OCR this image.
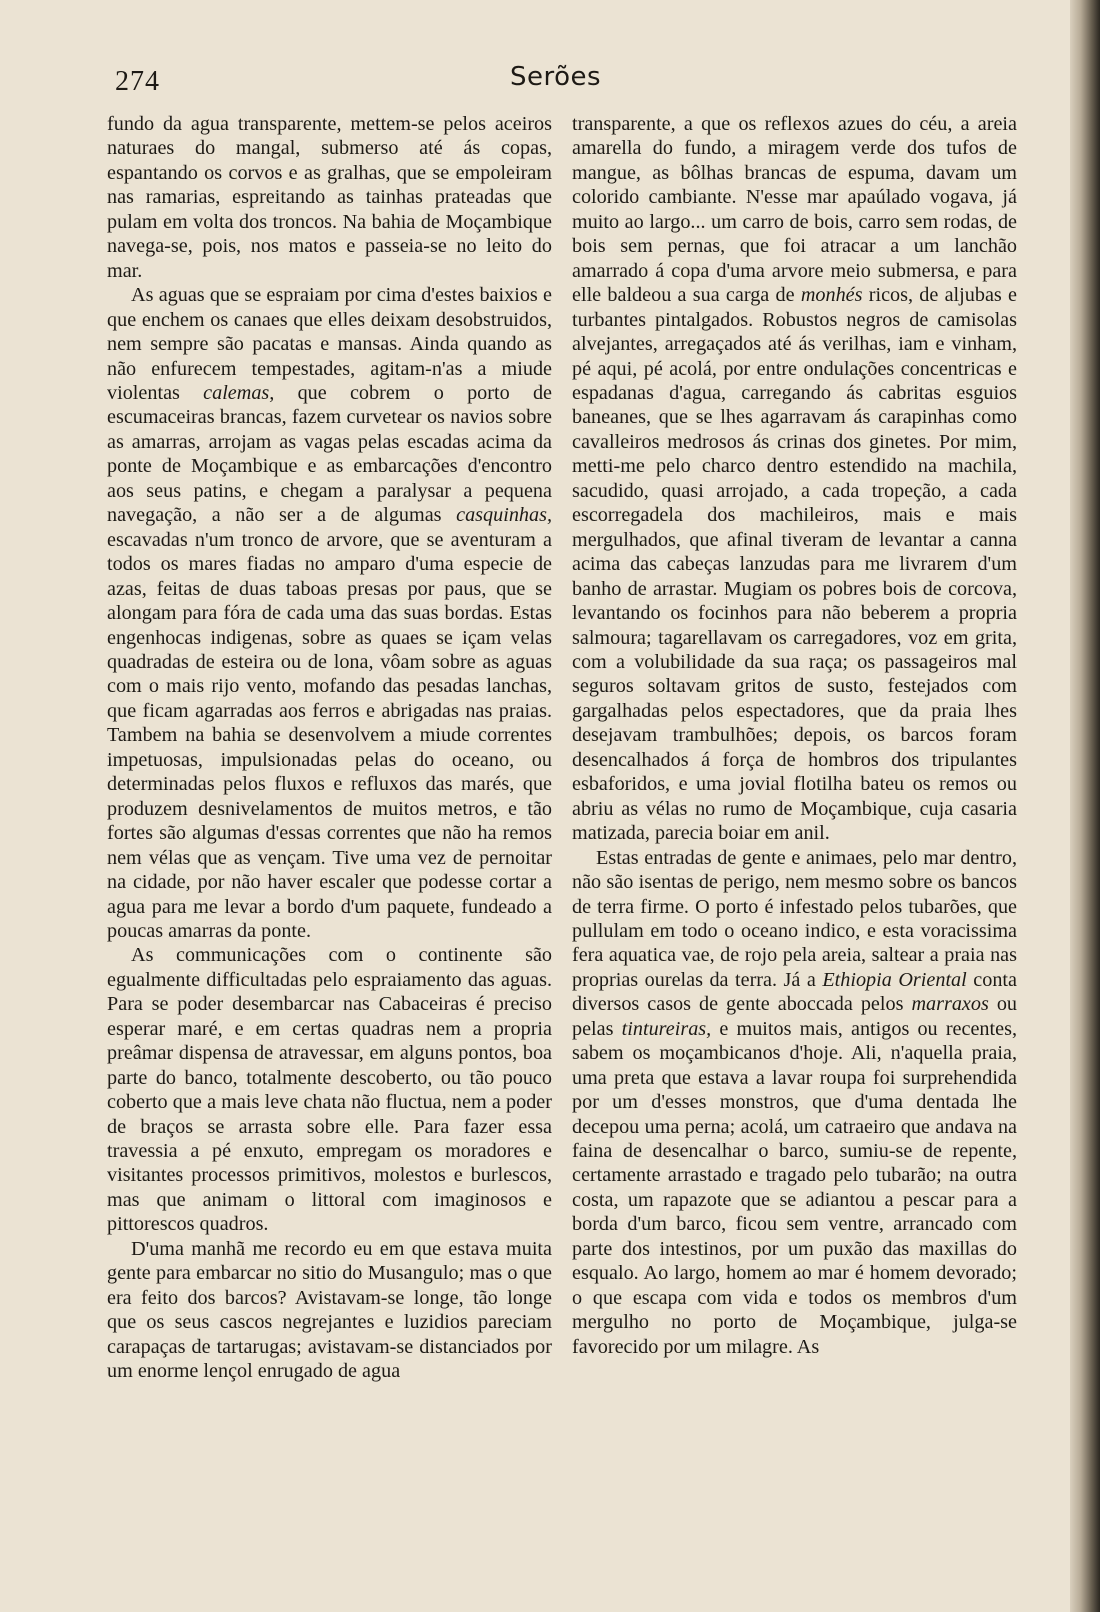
274	Serões

fundo da agua transparente, mettem-se pelos aceiros naturaes do mangal, submerso até ás copas, espantando os corvos e as gralhas, que se empoleiram nas ramarias, espreitando as tainhas prateadas que pulam em volta dos troncos. Na bahia de Moçambique navega-se, pois, nos matos e passeia-se no leito do mar.

As aguas que se espraiam por cima d'estes baixios e que enchem os canaes que elles deixam desobstruidos, nem sempre são pacatas e mansas. Ainda quando as não enfurecem tempestades, agitam-n'as a miude violentas calemas, que cobrem o porto de escumaceiras brancas, fazem curvetear os navios sobre as amarras, arrojam as vagas pelas escadas acima da ponte de Moçambique e as embarcações d'encontro aos seus patins, e chegam a paralysar a pequena navegação, a não ser a de algumas casquinhas, escavadas n'um tronco de arvore, que se aventuram a todos os mares fiadas no amparo d'uma especie de azas, feitas de duas taboas presas por paus, que se alongam para fóra de cada uma das suas bordas. Estas engenhocas indigenas, sobre as quaes se içam velas quadradas de esteira ou de lona, vôam sobre as aguas com o mais rijo vento, mofando das pesadas lanchas, que ficam agarradas aos ferros e abrigadas nas praias. Tambem na bahia se desenvolvem a miude correntes impetuosas, impulsionadas pelas do oceano, ou determinadas pelos fluxos e refluxos das marés, que produzem desnivelamentos de muitos metros, e tão fortes são algumas d'essas correntes que não ha remos nem vélas que as vençam. Tive uma vez de pernoitar na cidade, por não haver escaler que podesse cortar a agua para me levar a bordo d'um paquete, fundeado a poucas amarras da ponte.

As communicações com o continente são egualmente difficultadas pelo espraiamento das aguas. Para se poder desembarcar nas Cabaceiras é preciso esperar maré, e em certas quadras nem a propria preâmar dispensa de atravessar, em alguns pontos, boa parte do banco, totalmente descoberto, ou tão pouco coberto que a mais leve chata não fluctua, nem a poder de braços se arrasta sobre elle. Para fazer essa travessia a pé enxuto, empregam os moradores e visitantes processos primitivos, molestos e burlescos, mas que animam o littoral com imaginosos e pittorescos quadros.

D'uma manhã me recordo eu em que estava muita gente para embarcar no sitio do Musangulo; mas o que era feito dos barcos? Avistavam-se longe, tão longe que os seus cascos negrejantes e luzidios pareciam carapaças de tartarugas; avistavam-se distanciados por um enorme lençol enrugado de agua

transparente, a que os reflexos azues do céu, a areia amarella do fundo, a miragem verde dos tufos de mangue, as bôlhas brancas de espuma, davam um colorido cambiante. N'esse mar apaúlado vogava, já muito ao largo... um carro de bois, carro sem rodas, de bois sem pernas, que foi atracar a um lanchão amarrado á copa d'uma arvore meio submersa, e para elle baldeou a sua carga de monhés ricos, de aljubas e turbantes pintalgados. Robustos negros de camisolas alvejantes, arregaçados até ás verilhas, iam e vinham, pé aqui, pé acolá, por entre ondulações concentricas e espadanas d'agua, carregando ás cabritas esguios baneanes, que se lhes agarravam ás carapinhas como cavalleiros medrosos ás crinas dos ginetes. Por mim, metti-me pelo charco dentro estendido na machila, sacudido, quasi arrojado, a cada tropeção, a cada escorregadela dos machileiros, mais e mais mergulhados, que afinal tiveram de levantar a canna acima das cabeças lanzudas para me livrarem d'um banho de arrastar. Mugiam os pobres bois de corcova, levantando os focinhos para não beberem a propria salmoura; tagarellavam os carregadores, voz em grita, com a volubilidade da sua raça; os passageiros mal seguros soltavam gritos de susto, festejados com gargalhadas pelos espectadores, que da praia lhes desejavam trambulhões; depois, os barcos foram desencalhados á força de hombros dos tripulantes esbaforidos, e uma jovial flotilha bateu os remos ou abriu as vélas no rumo de Moçambique, cuja casaria matizada, parecia boiar em anil.

Estas entradas de gente e animaes, pelo mar dentro, não são isentas de perigo, nem mesmo sobre os bancos de terra firme. O porto é infestado pelos tubarões, que pullulam em todo o oceano indico, e esta voracissima fera aquatica vae, de rojo pela areia, saltear a praia nas proprias ourelas da terra. Já a Ethiopia Oriental conta diversos casos de gente aboccada pelos marraxos ou pelas tintureiras, e muitos mais, antigos ou recentes, sabem os moçambicanos d'hoje. Ali, n'aquella praia, uma preta que estava a lavar roupa foi surprehendida por um d'esses monstros, que d'uma dentada lhe decepou uma perna; acolá, um catraeiro que andava na faina de desencalhar o barco, sumiu-se de repente, certamente arrastado e tragado pelo tubarão; na outra costa, um rapazote que se adiantou a pescar para a borda d'um barco, ficou sem ventre, arrancado com parte dos intestinos, por um puxão das maxillas do esqualo. Ao largo, homem ao mar é homem devorado; o que escapa com vida e todos os membros d'um mergulho no porto de Moçambique, julga-se favorecido por um milagre. As
